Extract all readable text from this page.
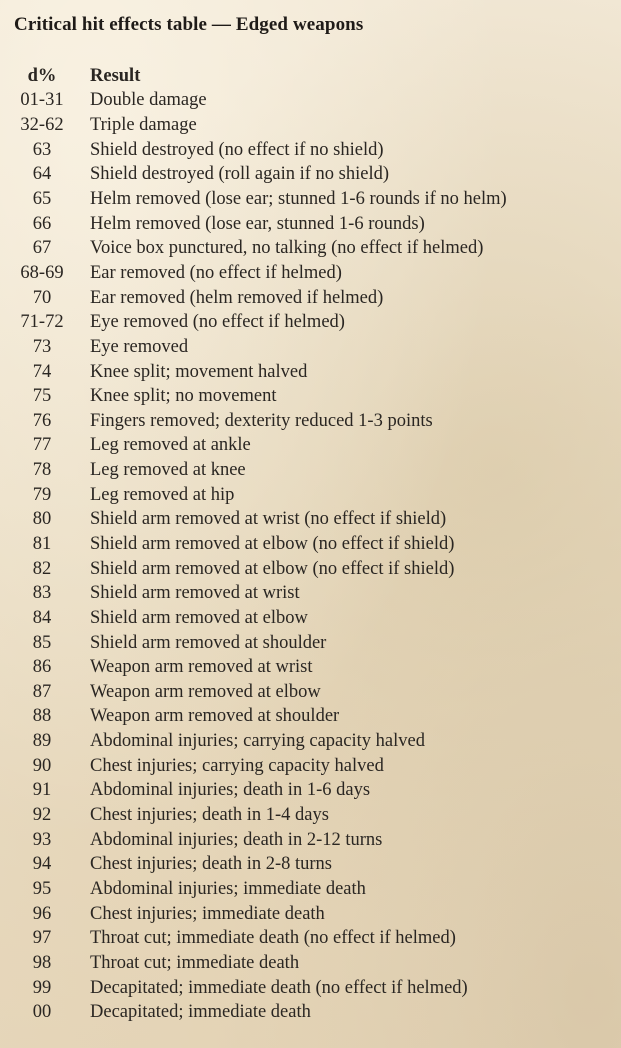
Critical hit effects table — Edged weapons
d%	Result
01-31	Double damage
32-62	Triple damage
63	Shield destroyed (no effect if no shield)
64	Shield destroyed (roll again if no shield)
65	Helm removed (lose ear; stunned 1-6 rounds if no helm)
66	Helm removed (lose ear, stunned 1-6 rounds)
67	Voice box punctured, no talking (no effect if helmed)
68-69	Ear removed (no effect if helmed)
70	Ear removed (helm removed if helmed)
71-72	Eye removed (no effect if helmed)
73	Eye removed
74	Knee split; movement halved
75	Knee split; no movement
76	Fingers removed; dexterity reduced 1-3 points
77	Leg removed at ankle
78	Leg removed at knee
79	Leg removed at hip
80	Shield arm removed at wrist (no effect if shield)
81	Shield arm removed at elbow (no effect if shield)
82	Shield arm removed at elbow (no effect if shield)
83	Shield arm removed at wrist
84	Shield arm removed at elbow
85	Shield arm removed at shoulder
86	Weapon arm removed at wrist
87	Weapon arm removed at elbow
88	Weapon arm removed at shoulder
89	Abdominal injuries; carrying capacity halved
90	Chest injuries; carrying capacity halved
91	Abdominal injuries; death in 1-6 days
92	Chest injuries; death in 1-4 days
93	Abdominal injuries; death in 2-12 turns
94	Chest injuries; death in 2-8 turns
95	Abdominal injuries; immediate death
96	Chest injuries; immediate death
97	Throat cut; immediate death (no effect if helmed)
98	Throat cut; immediate death
99	Decapitated; immediate death (no effect if helmed)
00	Decapitated; immediate death
